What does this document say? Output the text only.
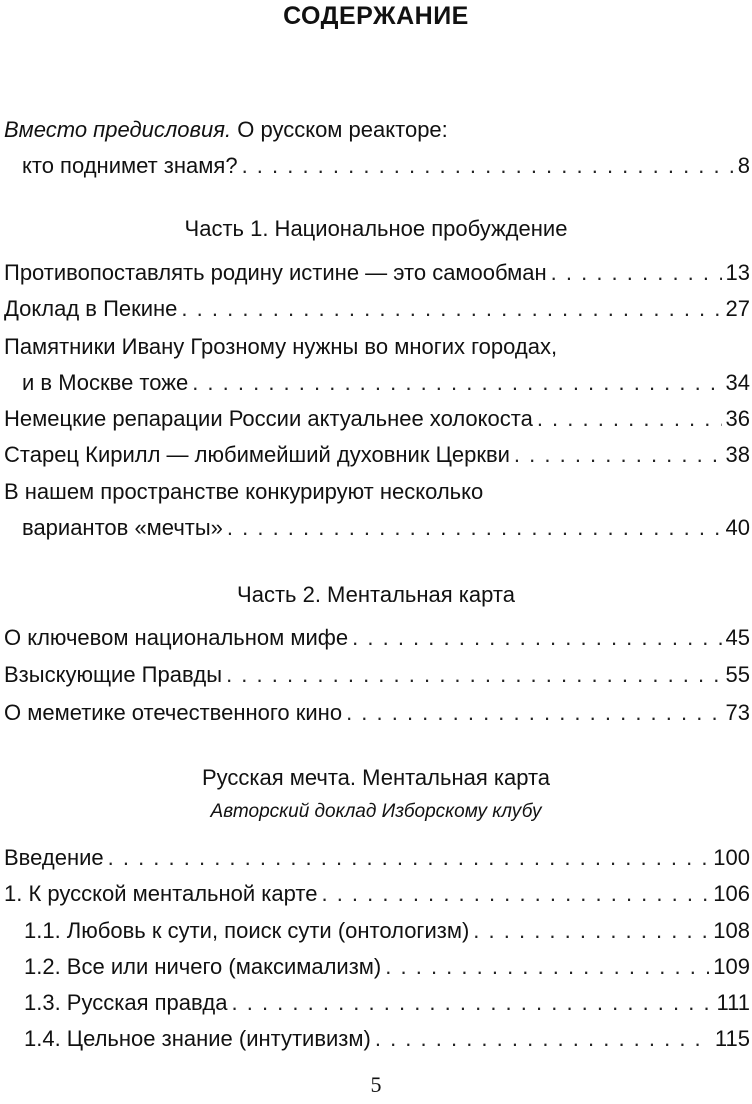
СОДЕРЖАНИЕ
Вместо предисловия. О русском реакторе:
кто поднимет знамя? . . .	8
Часть 1. Национальное пробуждение
Противопоставлять родину истине — это самообман . . .	13
Доклад в Пекине . . .	27
Памятники Ивану Грозному нужны во многих городах,
и в Москве тоже . . .	34
Немецкие репарации России актуальнее холокоста . . .	36
Старец Кирилл — любимейший духовник Церкви . . .	38
В нашем пространстве конкурируют несколько
вариантов «мечты» . . .	40
Часть 2. Ментальная карта
О ключевом национальном мифе . . .	45
Взыскующие Правды . . .	55
О меметике отечественного кино . . .	73
Русская мечта. Ментальная карта
Авторский доклад Изборскому клубу
Введение . . .	100
1. К русской ментальной карте . . .	106
1.1. Любовь к сути, поиск сути (онтологизм) . . .	108
1.2. Все или ничего (максимализм) . . .	109
1.3. Русская правда . . .	111
1.4. Цельное знание (интутивизм) . . .	115
5
